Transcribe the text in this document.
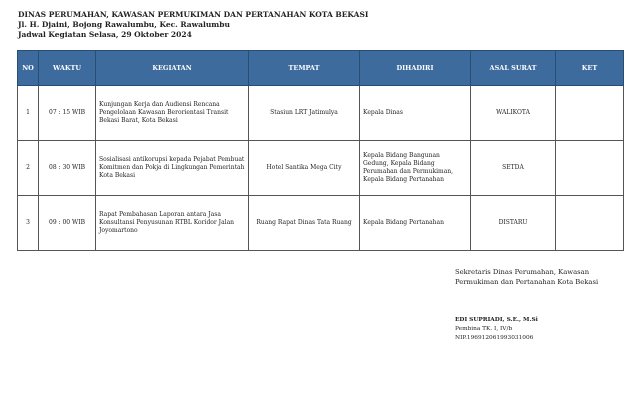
DINAS PERUMAHAN, KAWASAN PERMUKIMAN DAN PERTANAHAN KOTA BEKASI
Jl. H. Djaini, Bojong Rawalumbu, Kec. Rawalumbu
Jadwal Kegiatan Selasa, 29 Oktober 2024
NO	WAKTU	KEGIATAN	TEMPAT	DIHADIRI	ASAL SURAT	KET
1	07 : 15 WIB	Kunjungan Kerja dan Audiensi Rencana Pengelolaan Kawasan Berorientasi Transit Bekasi Barat, Kota Bekasi	Stasiun LRT Jatimulya	Kepala Dinas	WALIKOTA	
2	08 : 30 WIB	Sosialisasi antikorupsi kepada Pejabat Pembuat Komitmen dan Pokja di Lingkungan Pemerintah Kota Bekasi	Hotel Santika Mega City	Kepala Bidang Bangunan Gedung, Kepala Bidang Perumahan dan Permukiman, Kepala Bidang Pertanahan	SETDA	
3	09 : 00 WIB	Rapat Pembahasan Laporan antara Jasa Konsultansi Penyusunan RTBL Koridor Jalan Joyomartono	Ruang Rapat Dinas Tata Ruang	Kepala Bidang Pertanahan	DISTARU	
Sekretaris Dinas Perumahan, Kawasan
Permukiman dan Pertanahan Kota Bekasi
EDI SUPRIADI, S.E., M.Si
Pembina TK. I, IV/b
NIP.196912061993031006
